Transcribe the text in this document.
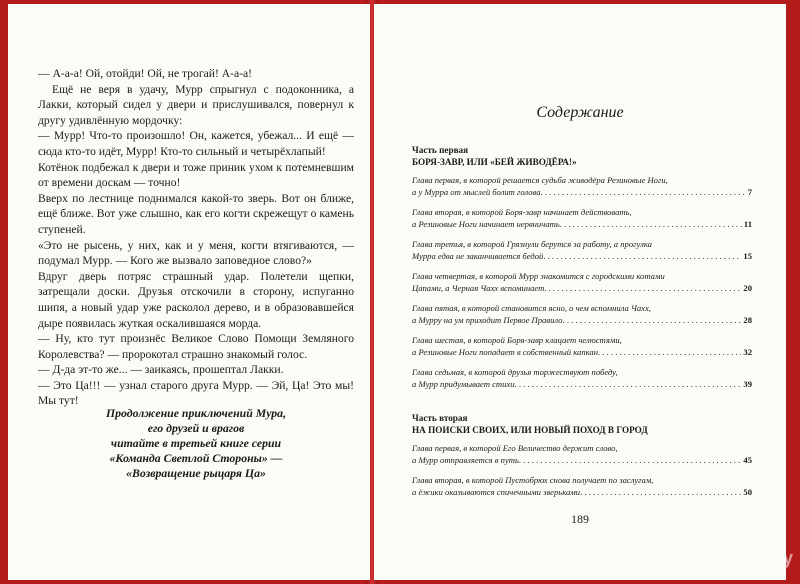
— А-а-а! Ой, отойди! Ой, не трогай! А-а-а!

Ещё не веря в удачу, Мурр спрыгнул с подоконника, а Лакки, который сидел у двери и прислушивался, повернул к другу удивлённую мордочку:

— Мурр! Что-то произошло! Он, кажется, убежал... И ещё — сюда кто-то идёт, Мурр! Кто-то сильный и четырёхлапый!

Котёнок подбежал к двери и тоже приник ухом к потемневшим от времени доскам — точно!

Вверх по лестнице поднимался какой-то зверь. Вот он ближе, ещё ближе. Вот уже слышно, как его когти скрежещут о камень ступеней.

«Это не рысень, у них, как и у меня, когти втягиваются, — подумал Мурр. — Кого же вызвало заповедное слово?»

Вдруг дверь потряс страшный удар. Полетели щепки, затрещали доски. Друзья отскочили в сторону, испуганно шипя, а новый удар уже расколол дерево, и в образовавшейся дыре появилась жуткая оскалившаяся морда.

— Ну, кто тут произнёс Великое Слово Помощи Земляного Королевства? — пророкотал страшно знакомый голос.

— Д-да эт-то же... — заикаясь, прошептал Лакки.

— Это Ца!!! — узнал старого друга Мурр. — Эй, Ца! Это мы! Мы тут!

Продолжение приключений Мура,
его друзей и врагов
читайте в третьей книге серии
«Команда Светлой Стороны» —
«Возвращение рыцаря Ца»
Содержание
Часть первая
БОРЯ-ЗАВР, ИЛИ «БЕЙ ЖИВОДЁРА!»
Глава первая, в которой решается судьба живодёра Резиновые Ноги,
а у Мурра от мыслей болит голова . . .	7
Глава вторая, в которой Боря-завр начинает действовать,
а Резиновые Ноги начинает нервничать . . .	11
Глава третья, в которой Грязнули берутся за работу, а прогулка
Мурра едва не заканчивается бедой . . .	15
Глава четвертая, в которой Мурр знакомится с городскими котами
Цапами, а Черная Чахх вспоминает . . .	20
Глава пятая, в которой становится ясно, о чем вспомнила Чахх,
а Мурру на ум приходит Первое Правило . . .	28
Глава шестая, в которой Боря-завр клацает челюстями,
а Резиновые Ноги попадает в собственный капкан . . .	32
Глава седьмая, в которой друзья торжествуют победу,
а Мурр придумывает стихи . . .	39
Часть вторая
НА ПОИСКИ СВОИХ, ИЛИ НОВЫЙ ПОХОД В ГОРОД
Глава первая, в которой Его Величество держит слово,
а Мурр отправляется в путь . . .	45
Глава вторая, в которой Пустобрюх снова получает по заслугам,
а ёжики оказываются спичечными зверьками . . .	50
189
Л абиринт.ру
